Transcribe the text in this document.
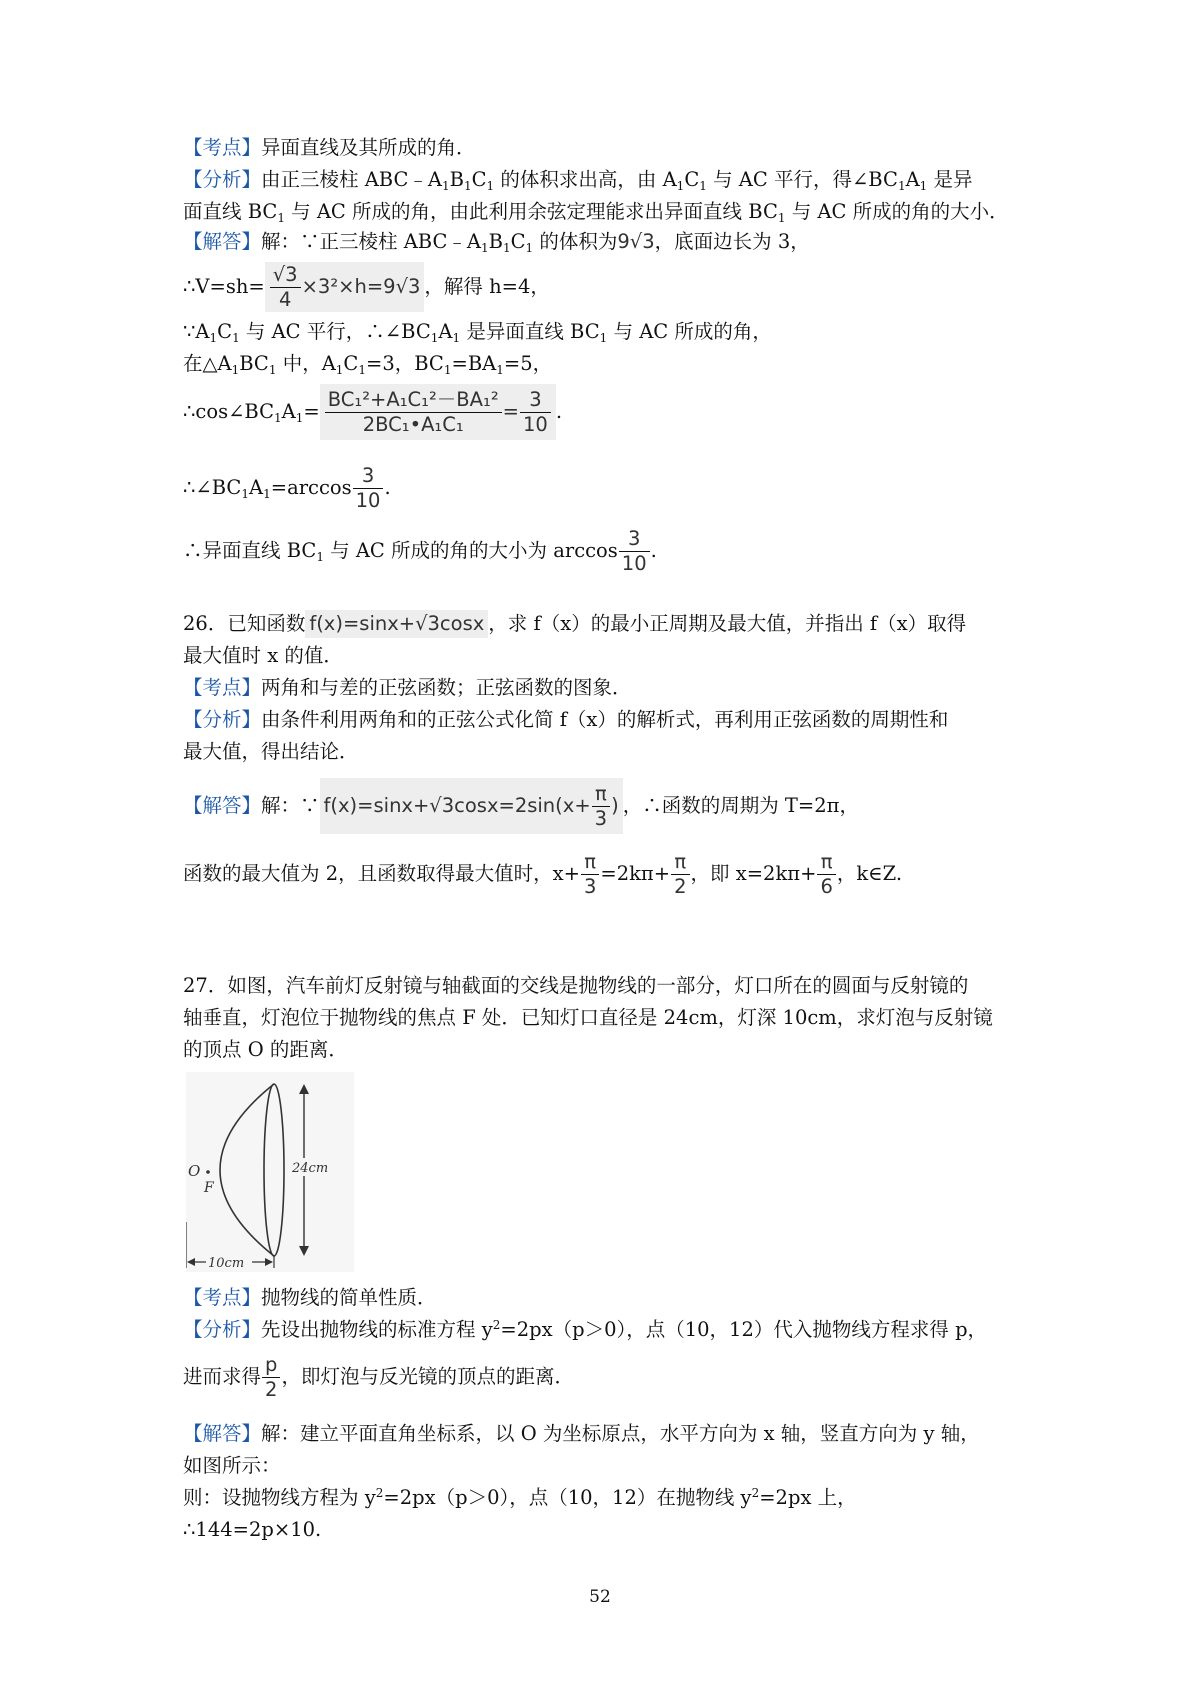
【考点】异面直线及其所成的角．
【分析】由正三棱柱 $ABC﹣A_1B_1C_1$ 的体积求出高，由 $A_1C_1$ 与 AC 平行，得$\angle BC_1A_1$ 是异
面直线 $BC_1$ 与 AC 所成的角，由此利用余弦定理能求出异面直线 $BC_1$ 与 AC 所成的角的大小．
【解答】解：∵正三棱柱 $ABC﹣A_1B_1C_1$ 的体积为9√3，底面边长为 3，
∴V=sh= $\frac{√3}{4} \times 3^2\times h=9√3$ ，解得 h=4，
$\because A_1C_1$ 与 AC 平行，$\therefore\angle BC_1A_1$ 是异面直线 $BC_1$ 与 AC 所成的角，
在$\triangle A_1BC_1$ 中，$A_1C_1=3$，$BC_1=BA_1=5$，
$\therefore\cos\angle BC_1A_1= \frac{\text{BC₁²+A₁C₁²－BA₁²}}{\text{2BC₁•A₁C₁}} = \frac{3}{10}$ .
$\therefore\angle BC_1A_1=\arccos \frac{3}{10}$ .
∴异面直线 $BC_1$ 与 AC 所成的角的大小为 $\arccos \frac{3}{10}$ .
26．已知函数 f(x)=sinx+√3cosx ，求 f（x）的最小正周期及最大值，并指出 f（x）取得
最大值时 x 的值．
【考点】两角和与差的正弦函数；正弦函数的图象．
【分析】由条件利用两角和的正弦公式化简 f（x）的解析式，再利用正弦函数的周期性和
最大值，得出结论．
【解答】解：∵ $f(x)=\sin x+√3\cos x=2\sin(x+ \frac{\pi}{3}$ ) ，∴函数的周期为 T=2π，
函数的最大值为 2，且函数取得最大值时，$x+ \frac{\pi}{3} =2k\pi+ \frac{\pi}{2}$ ，即 $x=2k\pi+ \frac{\pi}{6}$ ，k∈Z.
27．如图，汽车前灯反射镜与轴截面的交线是抛物线的一部分，灯口所在的圆面与反射镜的
轴垂直，灯泡位于抛物线的焦点 F 处．已知灯口直径是 24cm，灯深 10cm，求灯泡与反射镜
的顶点 O 的距离．
24cm
O
F
10cm
【考点】抛物线的简单性质．
【分析】先设出抛物线的标准方程 $y^2=2px(p>0)$，点（10，12）代入抛物线方程求得 p，
进而求得 $\frac{p}{2}$ ，即灯泡与反光镜的顶点的距离．
【解答】解：建立平面直角坐标系，以 O 为坐标原点，水平方向为 x 轴，竖直方向为 y 轴，
如图所示：
则：设抛物线方程为 $y^2=2px(p>0)$，点（10，12）在抛物线 $y^2=2px$ 上，
∴144=2p×10.
52
